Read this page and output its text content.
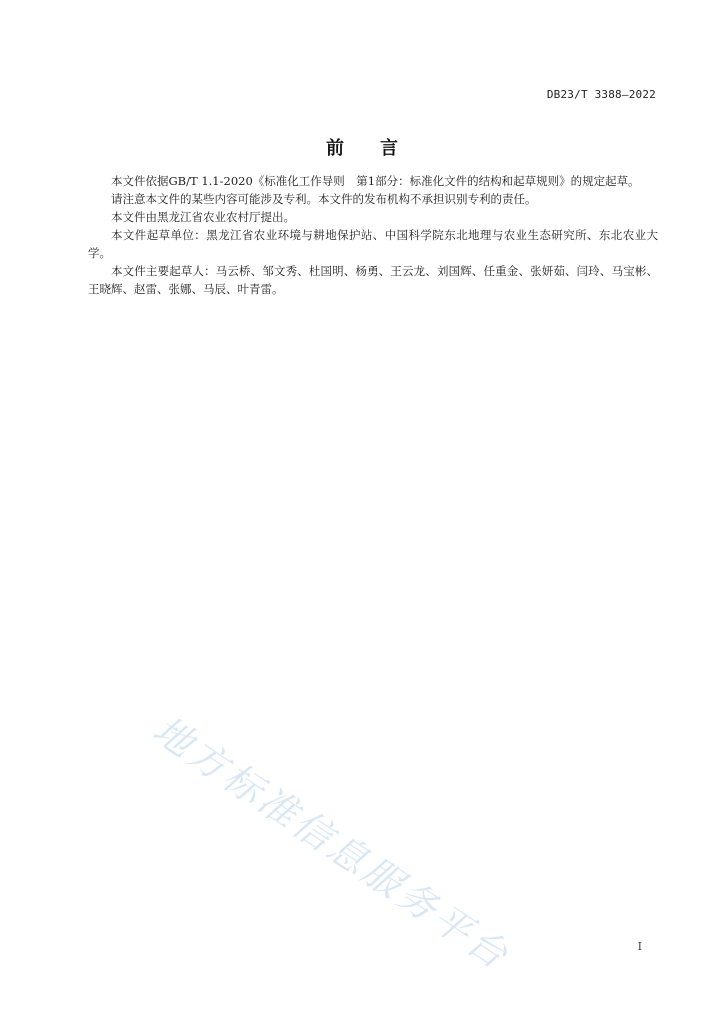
DB23/T 3388—2022
前言

本文件依据GB/T 1.1-2020《标准化工作导则　第1部分：标准化文件的结构和起草规则》的规定起草。

请注意本文件的某些内容可能涉及专利。本文件的发布机构不承担识别专利的责任。

本文件由黑龙江省农业农村厅提出。

本文件起草单位：黑龙江省农业环境与耕地保护站、中国科学院东北地理与农业生态研究所、东北农业大学。

本文件主要起草人：马云桥、邹文秀、杜国明、杨勇、王云龙、刘国辉、任重金、张妍茹、闫玲、马宝彬、王晓辉、赵雷、张娜、马辰、叶青雷。

地方标准信息服务平台	I
